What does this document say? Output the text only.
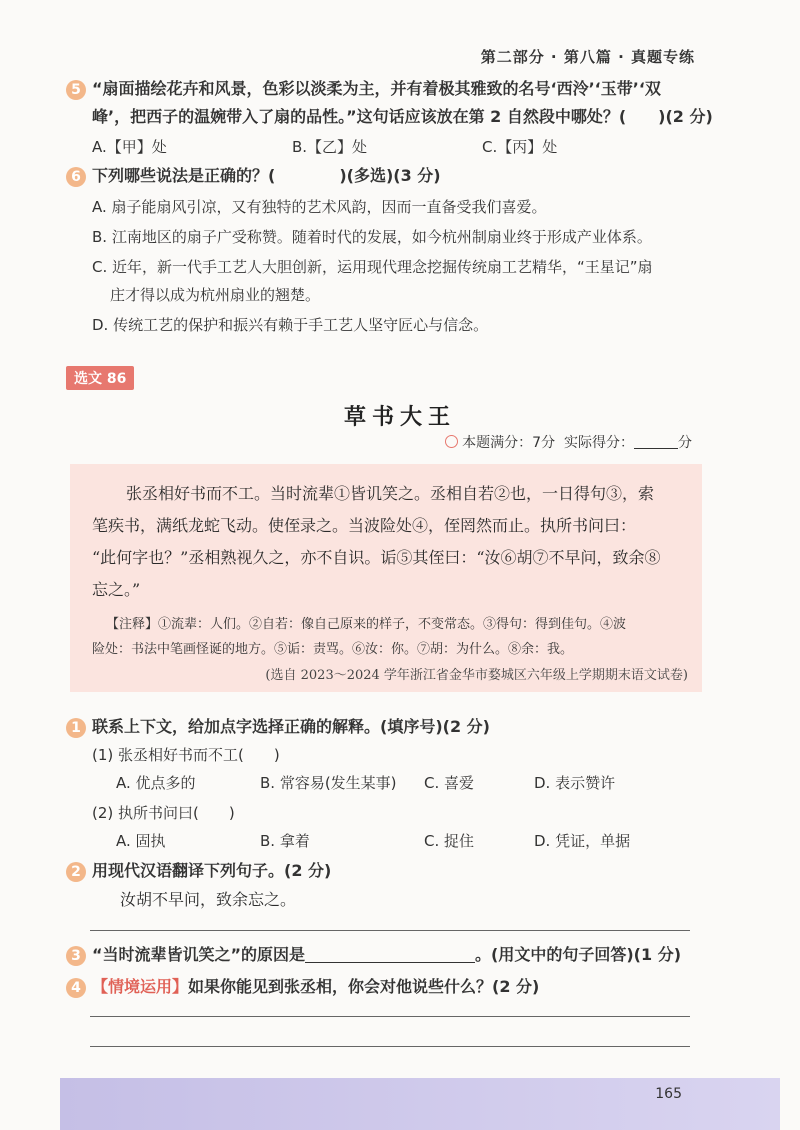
第二部分 · 第八篇 · 真题专练
5 “扇面描绘花卉和风景，色彩以淡柔为主，并有着极其雅致的名号‘西泠’‘玉带’‘双
峰’，把西子的温婉带入了扇的品性。”这句话应该放在第 2 自然段中哪处？(　　)(2 分)
A.【甲】处	B.【乙】处	C.【丙】处
6 下列哪些说法是正确的？(　　　　)(多选)(3 分)
A. 扇子能扇风引凉，又有独特的艺术风韵，因而一直备受我们喜爱。
B. 江南地区的扇子广受称赞。随着时代的发展，如今杭州制扇业终于形成产业体系。
C. 近年，新一代手工艺人大胆创新，运用现代理念挖掘传统扇工艺精华，“王星记”扇
庄才得以成为杭州扇业的翘楚。
D. 传统工艺的保护和振兴有赖于手工艺人坚守匠心与信念。
选文 86
草书大王
本题满分：7分 实际得分：	分
张丞相好书而不工。当时流辈①皆讥笑之。丞相自若②也，一日得句③，索
笔疾书，满纸龙蛇飞动。使侄录之。当波险处④，侄罔然而止。执所书问曰：
“此何字也？”丞相熟视久之，亦不自识。诟⑤其侄曰：“汝⑥胡⑦不早问，致余⑧
忘之。”
【注释】①流辈：人们。②自若：像自己原来的样子，不变常态。③得句：得到佳句。④波
险处：书法中笔画怪诞的地方。⑤诟：责骂。⑥汝：你。⑦胡：为什么。⑧余：我。
(选自 2023～2024 学年浙江省金华市婺城区六年级上学期期末语文试卷)
1 联系上下文，给加点字选择正确的解释。(填序号)(2 分)
(1) 张丞相好书而不工(　　)
A. 优点多的	B. 常容易(发生某事) C. 喜爱	D. 表示赞许
(2) 执所书问曰(　　)
A. 固执	B. 拿着	C. 捉住	D. 凭证，单据
2 用现代汉语翻译下列句子。(2 分)
汝胡不早问，致余忘之。
3 “当时流辈皆讥笑之”的原因是	。(用文中的句子回答)(1 分)
4 【情境运用】如果你能见到张丞相，你会对他说些什么？(2 分)
165
